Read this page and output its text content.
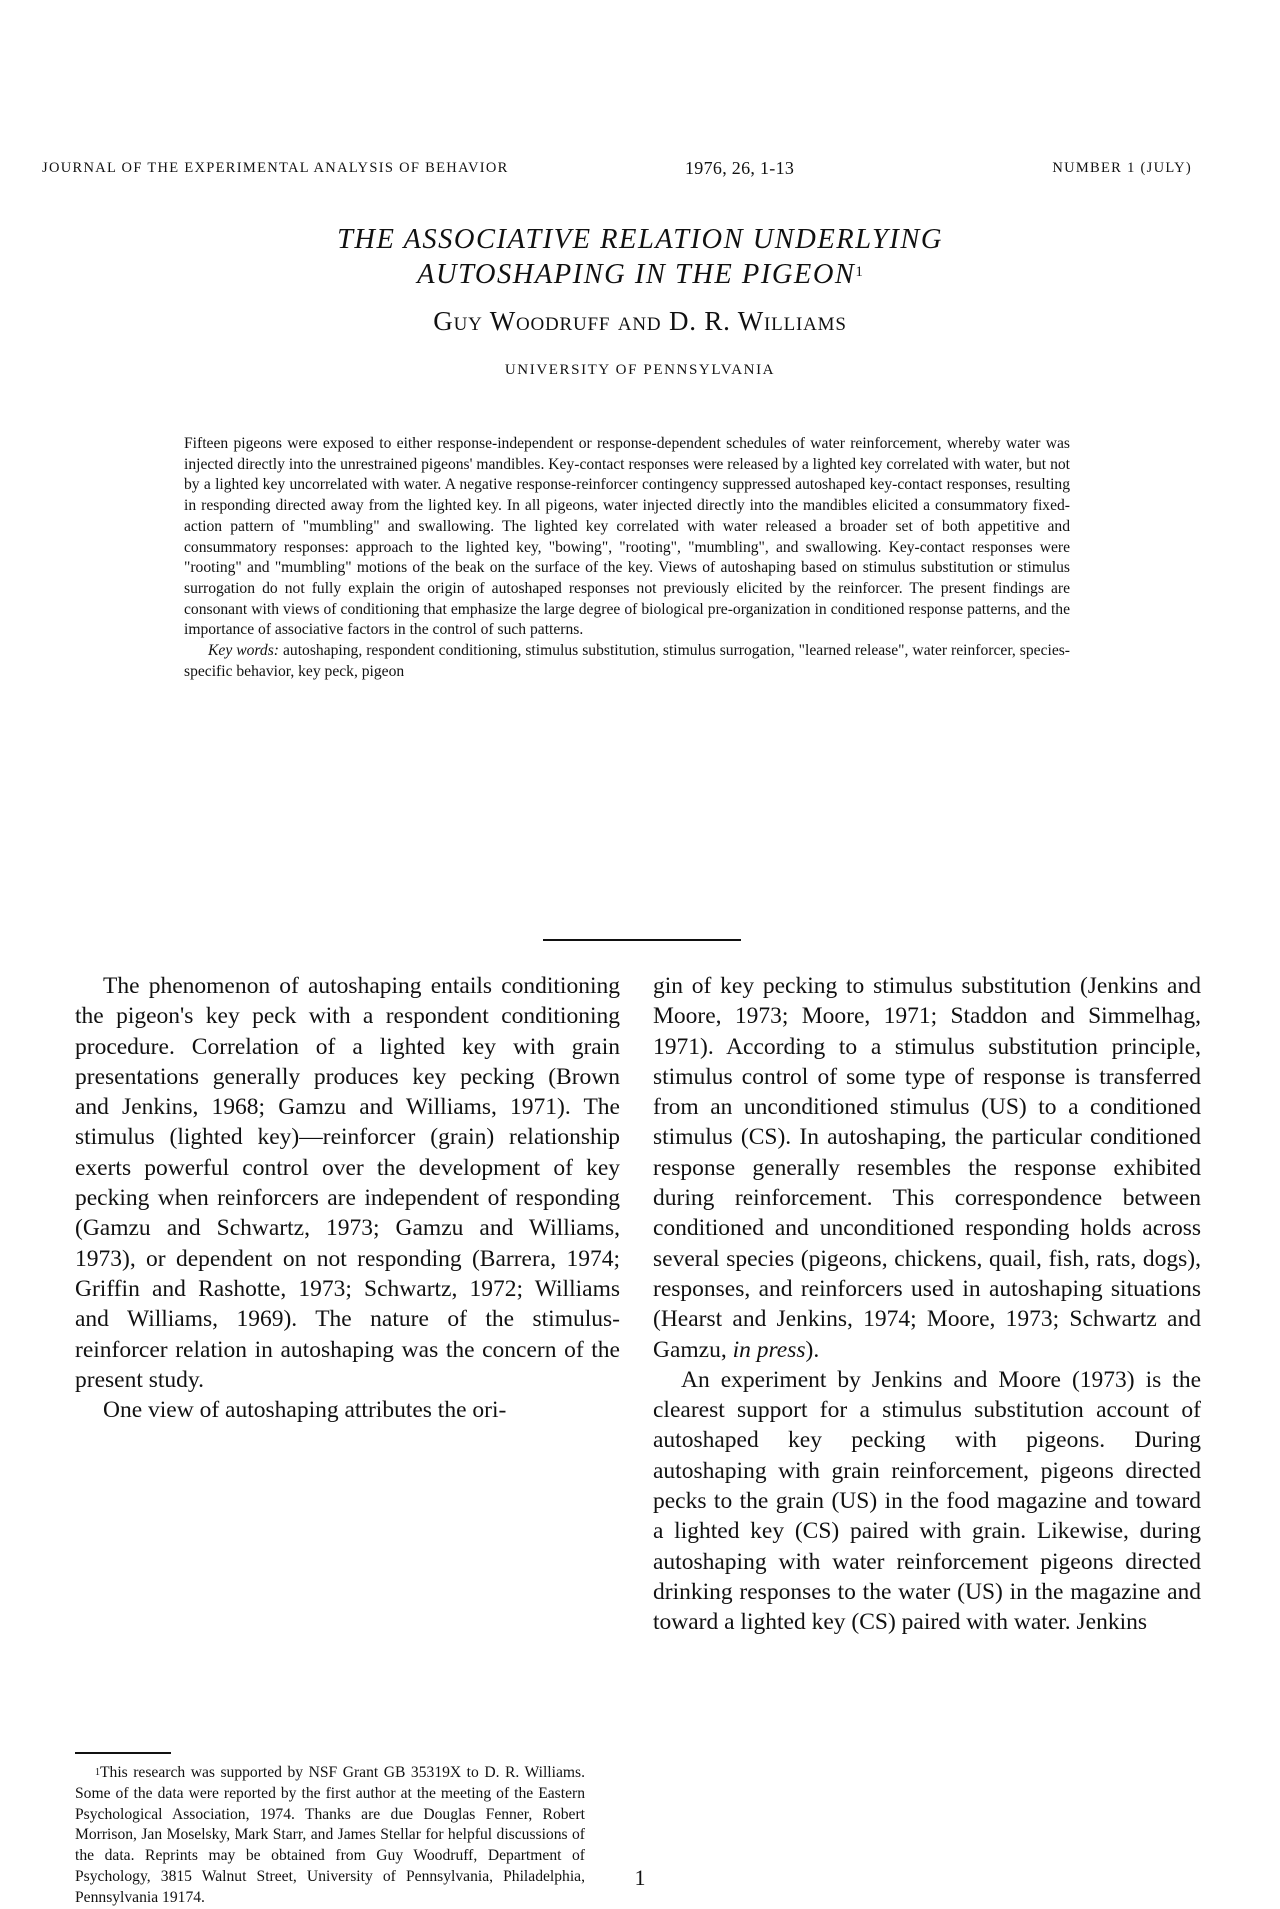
JOURNAL OF THE EXPERIMENTAL ANALYSIS OF BEHAVIOR	1976, 26, 1-13	NUMBER 1 (JULY)
THE ASSOCIATIVE RELATION UNDERLYING
AUTOSHAPING IN THE PIGEON$^1$
Guy Woodruff and D. R. Williams
UNIVERSITY OF PENNSYLVANIA

Fifteen pigeons were exposed to either response-independent or response-dependent schedules of water reinforcement, whereby water was injected directly into the unrestrained pigeons' mandibles. Key-contact responses were released by a lighted key correlated with water, but not by a lighted key uncorrelated with water. A negative response-reinforcer contingency suppressed autoshaped key-contact responses, resulting in responding directed away from the lighted key. In all pigeons, water injected directly into the mandibles elicited a consummatory fixed-action pattern of "mumbling" and swallowing. The lighted key correlated with water released a broader set of both appetitive and consummatory responses: approach to the lighted key, "bowing", "rooting", "mumbling", and swallowing. Key-contact responses were "rooting" and "mumbling" motions of the beak on the surface of the key. Views of autoshaping based on stimulus substitution or stimulus surrogation do not fully explain the origin of autoshaped responses not previously elicited by the reinforcer. The present findings are consonant with views of conditioning that emphasize the large degree of biological pre-organization in conditioned response patterns, and the importance of associative factors in the control of such patterns.

Key words: autoshaping, respondent conditioning, stimulus substitution, stimulus surrogation, "learned release", water reinforcer, species-specific behavior, key peck, pigeon

The phenomenon of autoshaping entails conditioning the pigeon's key peck with a respondent conditioning procedure. Correlation of a lighted key with grain presentations generally produces key pecking (Brown and Jenkins, 1968; Gamzu and Williams, 1971). The stimulus (lighted key)—reinforcer (grain) relationship exerts powerful control over the development of key pecking when reinforcers are independent of responding (Gamzu and Schwartz, 1973; Gamzu and Williams, 1973), or dependent on not responding (Barrera, 1974; Griffin and Rashotte, 1973; Schwartz, 1972; Williams and Williams, 1969). The nature of the stimulus-reinforcer relation in autoshaping was the concern of the present study.

One view of autoshaping attributes the ori-

gin of key pecking to stimulus substitution (Jenkins and Moore, 1973; Moore, 1971; Staddon and Simmelhag, 1971). According to a stimulus substitution principle, stimulus control of some type of response is transferred from an unconditioned stimulus (US) to a conditioned stimulus (CS). In autoshaping, the particular conditioned response generally resembles the response exhibited during reinforcement. This correspondence between conditioned and unconditioned responding holds across several species (pigeons, chickens, quail, fish, rats, dogs), responses, and reinforcers used in autoshaping situations (Hearst and Jenkins, 1974; Moore, 1973; Schwartz and Gamzu, in press).

An experiment by Jenkins and Moore (1973) is the clearest support for a stimulus substitution account of autoshaped key pecking with pigeons. During autoshaping with grain reinforcement, pigeons directed pecks to the grain (US) in the food magazine and toward a lighted key (CS) paired with grain. Likewise, during autoshaping with water reinforcement pigeons directed drinking responses to the water (US) in the magazine and toward a lighted key (CS) paired with water. Jenkins

$^1$This research was supported by NSF Grant GB 35319X to D. R. Williams. Some of the data were reported by the first author at the meeting of the Eastern Psychological Association, 1974. Thanks are due Douglas Fenner, Robert Morrison, Jan Moselsky, Mark Starr, and James Stellar for helpful discussions of the data. Reprints may be obtained from Guy Woodruff, Department of Psychology, 3815 Walnut Street, University of Pennsylvania, Philadelphia, Pennsylvania 19174.

1
